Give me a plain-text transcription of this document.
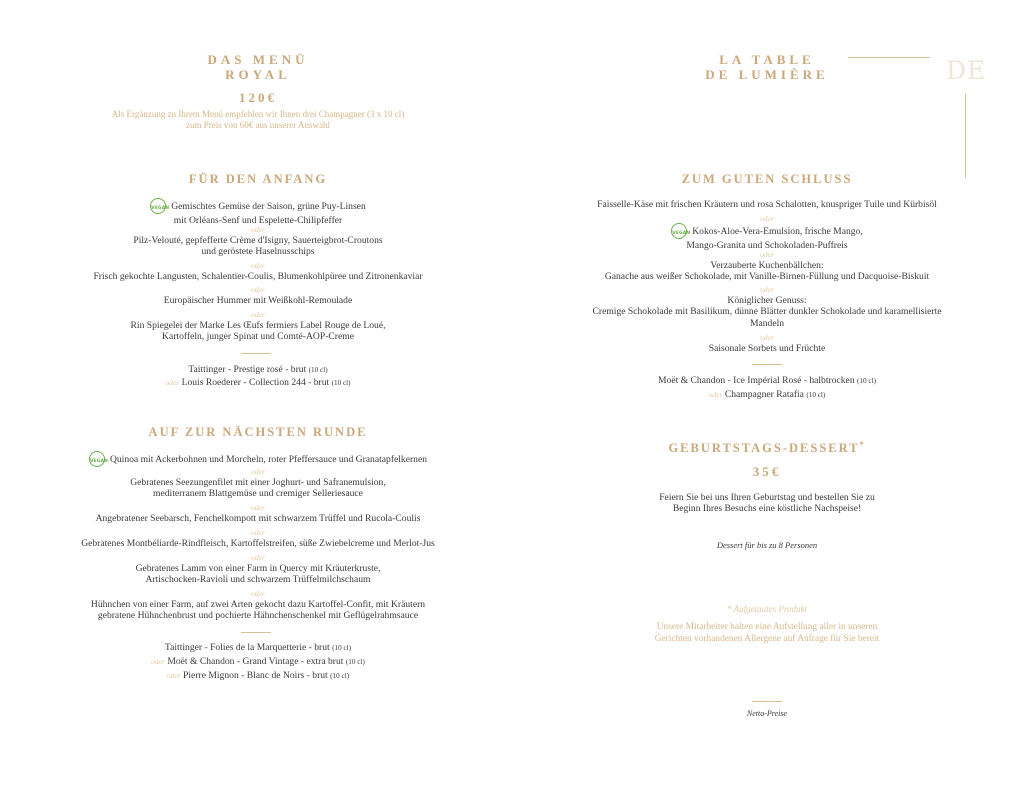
DAS MENÜ
ROYAL
120€
Als Ergänzung zu Ihrem Menü empfehlen wir Ihnen drei Champagner (3 x 10 cl)
zum Preis von 60€ aus unserer Auswahl
FÜR DEN ANFANG
VEGAN Gemischtes Gemüse der Saison, grüne Puy-Linsen
mit Orléans-Senf und Espelette-Chilipfeffer
oder
Pilz-Velouté, gepfefferte Crème d'Isigny, Sauerteigbrot-Croutons
und geröstete Haselnusschips
oder
Frisch gekochte Langusten, Schalentier-Coulis, Blumenkohlpüree und Zitronenkaviar
oder
Europäischer Hummer mit Weißkohl-Remoulade
oder
Rin Spiegelei der Marke Les Œufs fermiers Label Rouge de Loué,
Kartoffeln, junger Spinat und Comté-AOP-Creme
Taittinger - Prestige rosé - brut (10 cl)
oder Louis Roederer - Collection 244 - brut (10 cl)
AUF ZUR NÄCHSTEN RUNDE
VEGAN Quinoa mit Ackerbohnen und Morcheln, roter Pfeffersauce und Granatapfelkernen
oder
Gebratenes Seezungenfilet mit einer Joghurt- und Safranemulsion,
mediterranem Blattgemüse und cremiger Selleriesauce
oder
Angebratener Seebarsch, Fenchelkompott mit schwarzem Trüffel und Rucola-Coulis
oder
Gebratenes Montbéliarde-Rindfleisch, Kartoffelstreifen, süße Zwiebelcreme und Merlot-Jus
oder
Gebratenes Lamm von einer Farm in Quercy mit Kräuterkruste,
Artischocken-Ravioli und schwarzem Trüffelmilchschaum
oder
Hühnchen von einer Farm, auf zwei Arten gekocht dazu Kartoffel-Confit, mit Kräutern
gebratene Hühnchenbrust und pochierte Hähnchenschenkel mit Geflügelrahmsauce
Taittinger - Folies de la Marquetterie - brut (10 cl)
oder Moët & Chandon - Grand Vintage - extra brut (10 cl)
oder Pierre Mignon - Blanc de Noirs - brut (10 cl)
LA TABLE
DE LUMIÈRE
ZUM GUTEN SCHLUSS
Faisselle-Käse mit frischen Kräutern und rosa Schalotten, knuspriger Tuile und Kürbisöl
oder
VEGAN Kokos-Aloe-Vera-Emulsion, frische Mango,
Mango-Granita und Schokoladen-Puffreis
oder
Verzauberte Kuchenbällchen:
Ganache aus weißer Schokolade, mit Vanille-Birnen-Füllung und Dacquoise-Biskuit
oder
Königlicher Genuss:
Cremige Schokolade mit Basilikum, dünne Blätter dunkler Schokolade und karamellisierte
Mandeln
oder
Saisonale Sorbets und Früchte
Moët & Chandon - Ice Impérial Rosé - halbtrocken (10 cl)
oder Champagner Ratafia (10 cl)
GEBURTSTAGS-DESSERT*
35€
Feiern Sie bei uns Ihren Geburtstag und bestellen Sie zu
Beginn Ihres Besuchs eine köstliche Nachspeise!
Dessert für bis zu 8 Personen
* Aufgetautes Produkt
Unsere Mitarbeiter halten eine Aufstellung aller in unseren
Gerichten vorhandenen Allergene auf Anfrage für Sie bereit
Netto-Preise
DE
